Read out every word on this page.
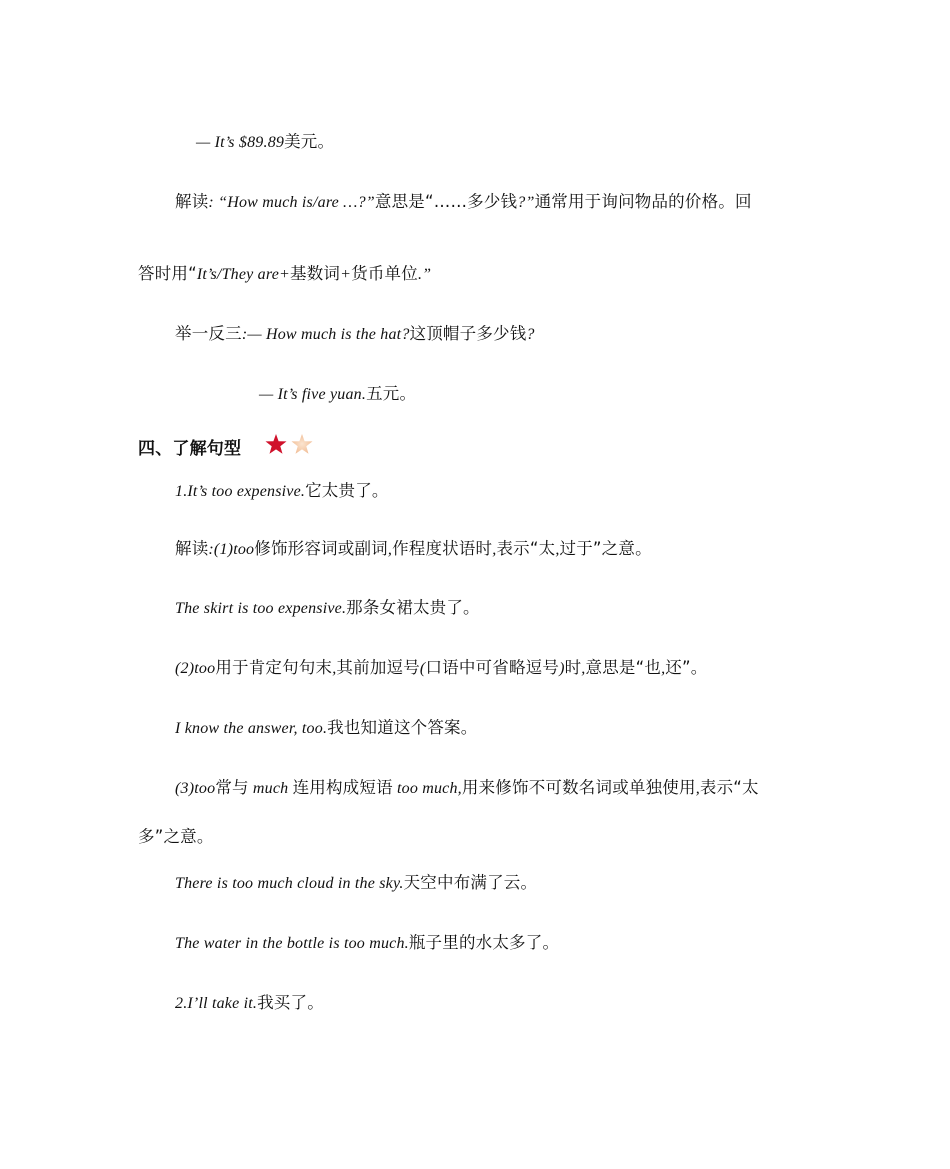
— It’s $89.89美元。
解读: “How much is/are …?”意思是“……多少钱?”通常用于询问物品的价格。回
答时用“It’s/They are+基数词+货币单位.”
举一反三:— How much is the hat?这顶帽子多少钱?
— It’s five yuan.五元。
四、了解句型
1.It’s too expensive.它太贵了。
解读:(1)too修饰形容词或副词,作程度状语时,表示“太,过于”之意。
The skirt is too expensive.那条女裙太贵了。
(2)too用于肯定句句末,其前加逗号(口语中可省略逗号)时,意思是“也,还”。
I know the answer, too.我也知道这个答案。
(3)too常与 much 连用构成短语 too much,用来修饰不可数名词或单独使用,表示“太
多”之意。
There is too much cloud in the sky.天空中布满了云。
The water in the bottle is too much.瓶子里的水太多了。
2.I’ll take it.我买了。
